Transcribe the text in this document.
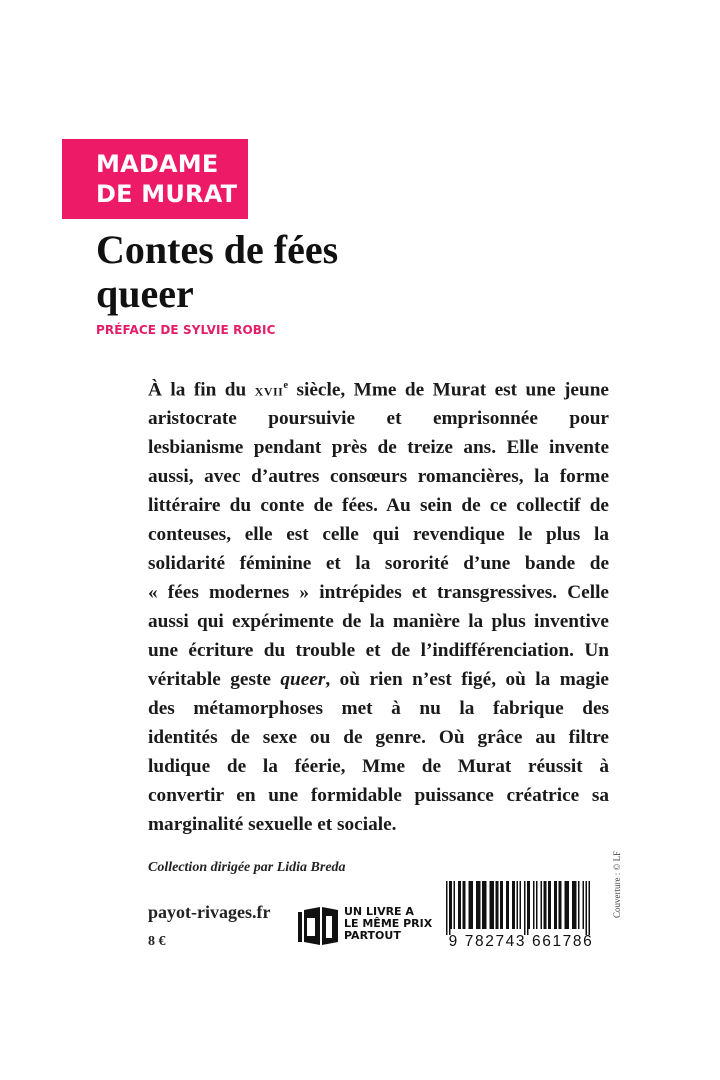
MADAME
DE MURAT
Contes de fées
queer
PRÉFACE DE SYLVIE ROBIC
À la fin du xvii$^e$ siècle, Mme de Murat est une jeune
aristocrate poursuivie et emprisonnée pour
lesbianisme pendant près de treize ans. Elle invente
aussi, avec d’autres consœurs romancières, la forme
littéraire du conte de fées. Au sein de ce collectif de
conteuses, elle est celle qui revendique le plus la
solidarité féminine et la sororité d’une bande de
« fées modernes » intrépides et transgressives. Celle
aussi qui expérimente de la manière la plus inventive
une écriture du trouble et de l’indifférenciation. Un
véritable geste queer, où rien n’est figé, où la magie
des métamorphoses met à nu la fabrique des
identités de sexe ou de genre. Où grâce au filtre
ludique de la féerie, Mme de Murat réussit à
convertir en une formidable puissance créatrice sa
marginalité sexuelle et sociale.
Collection dirigée par Lidia Breda
payot-rivages.fr
8 €
UN LIVRE A
LE MÊME PRIX
PARTOUT	9 782743 661786
Couverture : © LF
